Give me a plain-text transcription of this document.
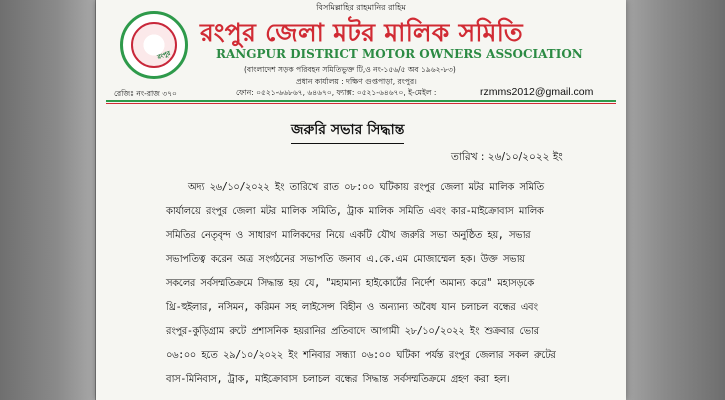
বিসমিল্লাহির রাহমানির রাহিম
রংপুর
রংপুর জেলা মটর মালিক সমিতি
RANGPUR DISTRICT MOTOR OWNERS ASSOCIATION
(বাংলাদেশ সড়ক পরিবহন সমিতিভুক্ত টি,ও নং-১৫৬/৫ অব ১৯৬২-৮৩)
প্রধান কার্যালয় : দক্ষিণ গুপ্তপাড়া, রংপুর।
রেজিঃ নং-রাজ ৩৭০	ফোন: ০৫২১-৬৬৮৬৭, ৬৪৬৭০, ফ্যাক্স: ০৫২১-৬৪৬৭০, ই-মেইল :	rzmms2012@gmail.com
জরুরি সভার সিদ্ধান্ত
তারিখ : ২৬/১০/২০২২ ইং
অদ্য ২৬/১০/২০২২ ইং তারিখে রাত ০৮:০০ ঘটিকায় রংপুর জেলা মটর মালিক সমিতি
কার্যালয়ে রংপুর জেলা মটর মালিক সমিতি, ট্রাক মালিক সমিতি এবং কার-মাইক্রোবাস মালিক
সমিতির নেতৃবৃন্দ ও সাধারণ মালিকদের নিয়ে একটি যৌথ জরুরি সভা অনুষ্ঠিত হয়, সভার
সভাপতিত্ব করেন অত্র সংগঠনের সভাপতি জনাব এ.কে.এম মোজাম্মেল হক। উক্ত সভায়
সকলের সর্বসম্মতিক্রমে সিদ্ধান্ত হয় যে, "মহামান্য হাইকোর্টের নির্দেশ অমান্য করে" মহাসড়কে
থ্রি-হুইলার, নসিমন, করিমন সহ লাইসেন্স বিহীন ও অন্যান্য অবৈধ যান চলাচল বন্ধের এবং
রংপুর-কুড়িগ্রাম রুটে প্রশাসনিক হয়রানির প্রতিবাদে আগামী ২৮/১০/২০২২ ইং শুক্রবার ভোর
০৬:০০ হতে ২৯/১০/২০২২ ইং শনিবার সন্ধ্যা ০৬:০০ ঘটিকা পর্যন্ত রংপুর জেলার সকল রুটের
বাস-মিনিবাস, ট্রাক, মাইক্রোবাস চলাচল বন্ধের সিদ্ধান্ত সর্বসম্মতিক্রমে গ্রহণ করা হল।
